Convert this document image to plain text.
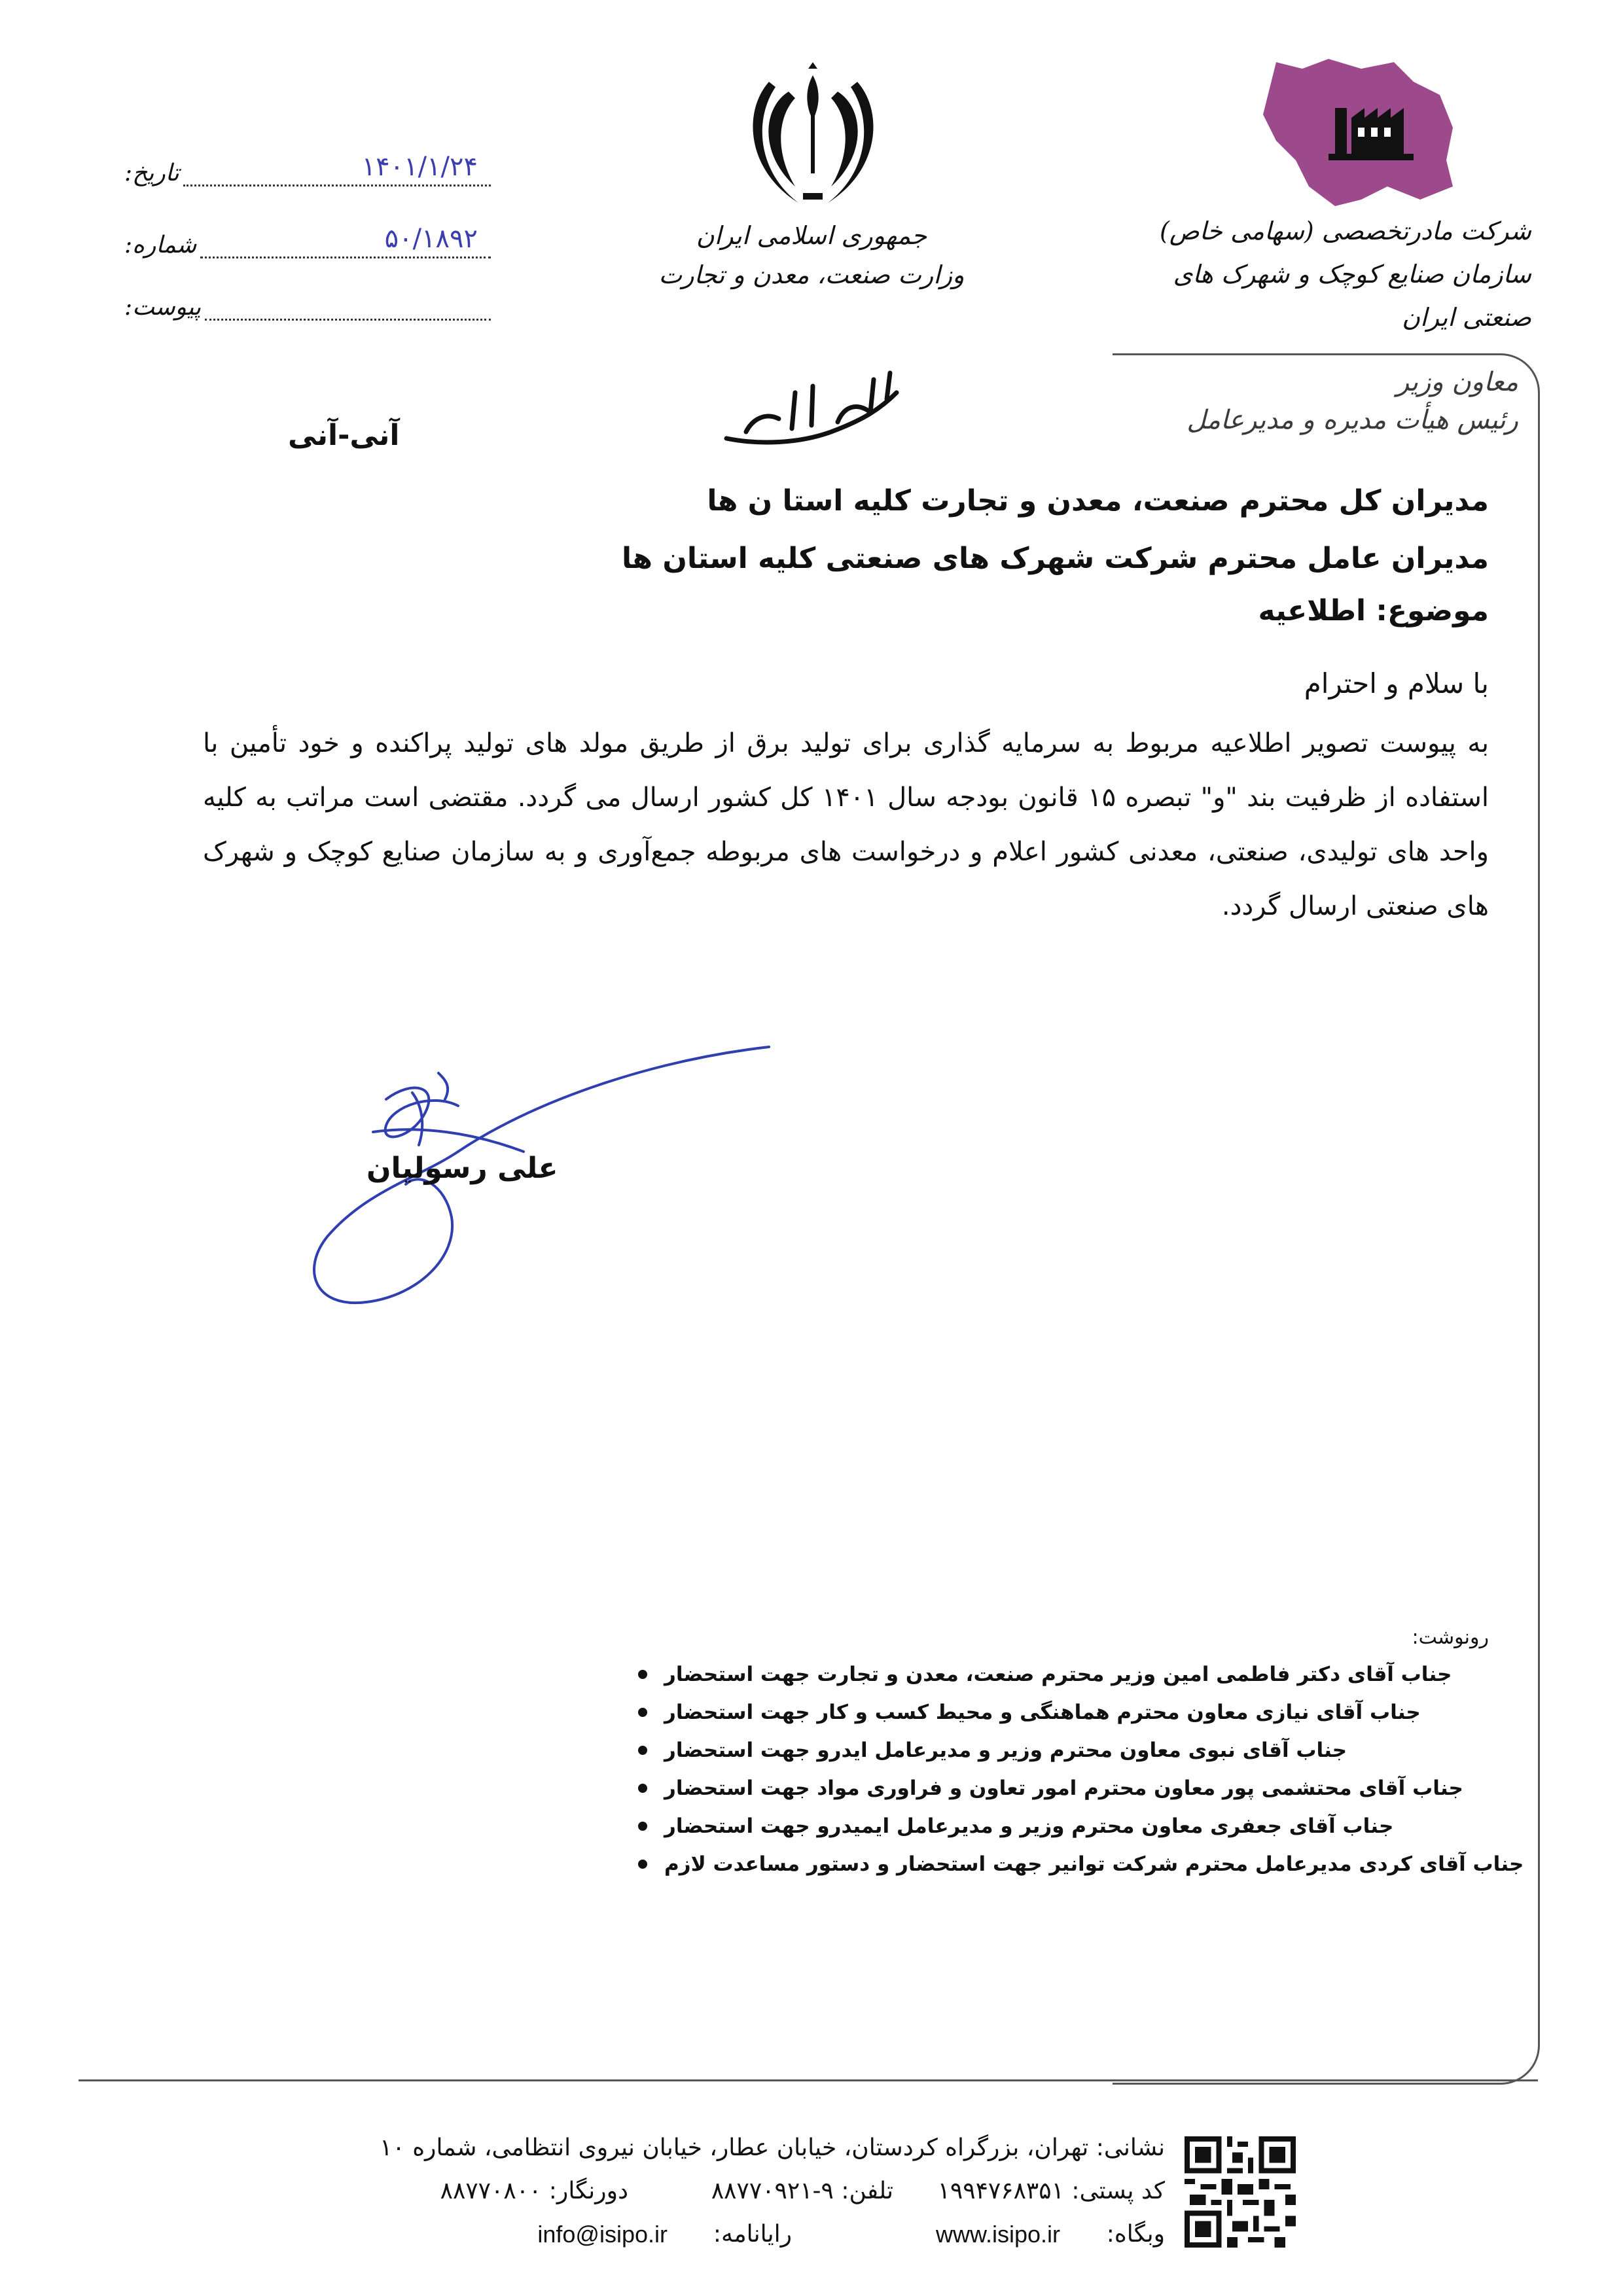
جمهوری اسلامی ایران
وزارت صنعت، معدن و تجارت
شرکت مادرتخصصی (سهامی خاص)
سازمان صنایع کوچک و شهرک های صنعتی ایران
تاریخ:	۱۴۰۱/۱/۲۴
شماره:	۵۰/۱۸۹۲
پیوست:
معاون وزیر
رئیس هیأت مدیره و مدیرعامل
آنی-آنی
مدیران کل محترم صنعت، معدن و تجارت کلیه استا ن ها
مدیران عامل محترم شرکت شهرک های صنعتی کلیه استان ها
موضوع: اطلاعیه
با سلام و احترام
به پیوست تصویر اطلاعیه مربوط به سرمایه گذاری برای تولید برق از طریق مولد های تولید پراکنده و خود تأمین با استفاده از ظرفیت بند "و" تبصره ۱۵ قانون بودجه سال ۱۴۰۱ کل کشور ارسال می گردد. مقتضی است مراتب به کلیه واحد های تولیدی، صنعتی، معدنی کشور اعلام و درخواست های مربوطه جمع‌آوری و به سازمان صنایع کوچک و شهرک های صنعتی ارسال گردد.
علی رسولیان
رونوشت:
جناب آقای دکتر فاطمی امین وزیر محترم صنعت، معدن و تجارت جهت استحضار
جناب آقای نیازی معاون محترم هماهنگی و محیط کسب و کار جهت استحضار
جناب آقای نبوی معاون محترم وزیر و مدیرعامل ایدرو جهت استحضار
جناب آقای محتشمی پور معاون محترم امور تعاون و فراوری مواد جهت استحضار
جناب آقای جعفری معاون محترم وزیر و مدیرعامل ایمیدرو جهت استحضار
جناب آقای کردی مدیرعامل محترم شرکت توانیر جهت استحضار و دستور مساعدت لازم
نشانی: تهران، بزرگراه کردستان، خیابان عطار، خیابان نیروی انتظامی، شماره ۱۰
کد پستی: ۱۹۹۴۷۶۸۳۵۱
تلفن: ۹-۸۸۷۷۰۹۲۱
دورنگار: ۸۸۷۷۰۸۰۰
وبگاه:
www.isipo.ir
رایانامه:
info@isipo.ir
